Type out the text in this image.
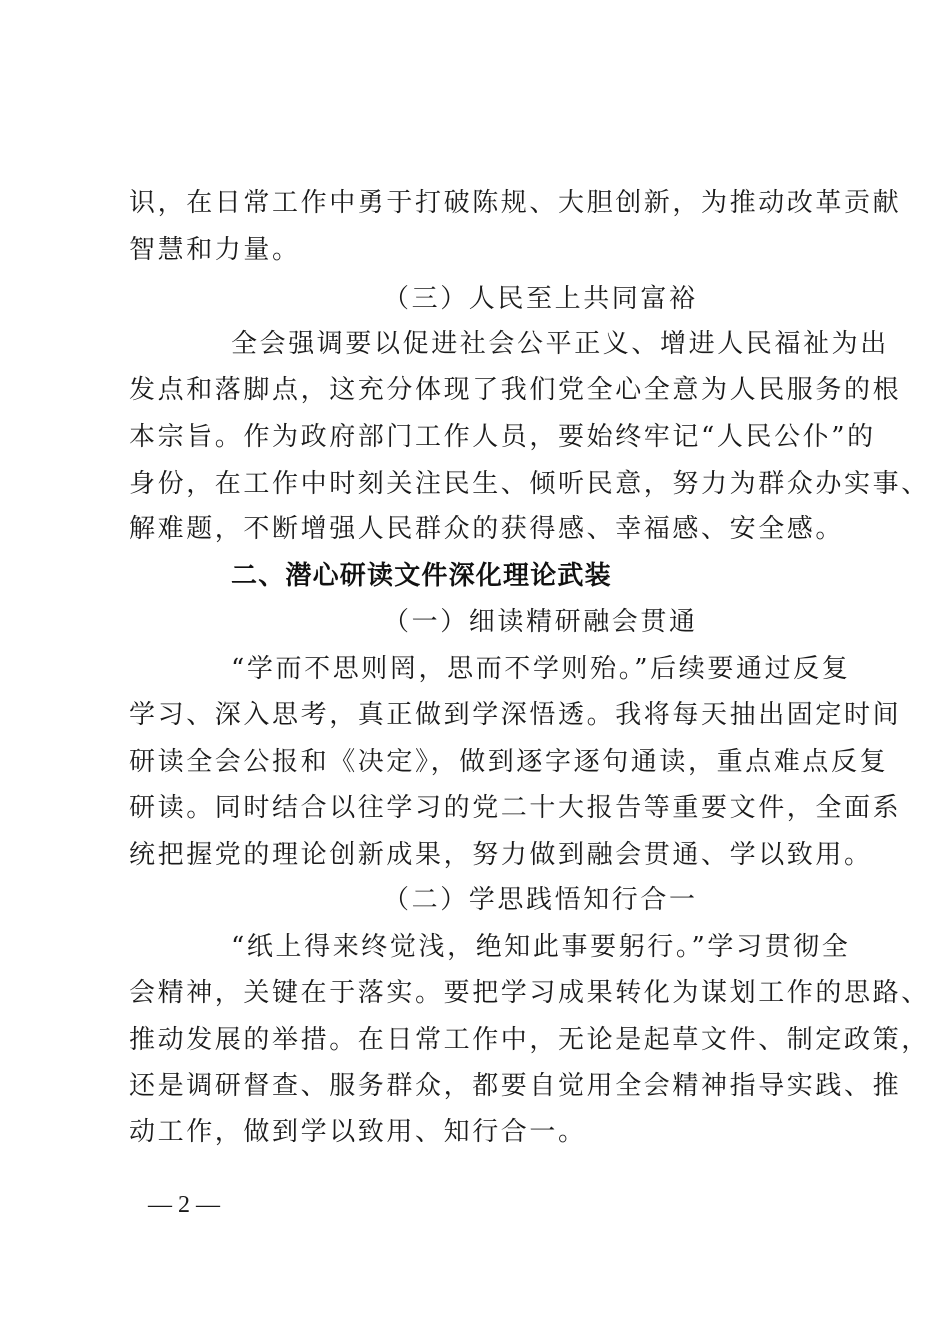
识，在日常工作中勇于打破陈规、大胆创新，为推动改革贡献
智慧和力量。
（三）人民至上共同富裕
全会强调要以促进社会公平正义、增进人民福祉为出
发点和落脚点，这充分体现了我们党全心全意为人民服务的根
本宗旨。作为政府部门工作人员，要始终牢记“人民公仆”的
身份，在工作中时刻关注民生、倾听民意，努力为群众办实事、
解难题，不断增强人民群众的获得感、幸福感、安全感。
二、潜心研读文件深化理论武装
（一）细读精研融会贯通
“学而不思则罔，思而不学则殆。”后续要通过反复
学习、深入思考，真正做到学深悟透。我将每天抽出固定时间
研读全会公报和《决定》，做到逐字逐句通读，重点难点反复
研读。同时结合以往学习的党二十大报告等重要文件，全面系
统把握党的理论创新成果，努力做到融会贯通、学以致用。
（二）学思践悟知行合一
“纸上得来终觉浅，绝知此事要躬行。”学习贯彻全
会精神，关键在于落实。要把学习成果转化为谋划工作的思路、
推动发展的举措。在日常工作中，无论是起草文件、制定政策，
还是调研督查、服务群众，都要自觉用全会精神指导实践、推
动工作，做到学以致用、知行合一。
— 2 —
